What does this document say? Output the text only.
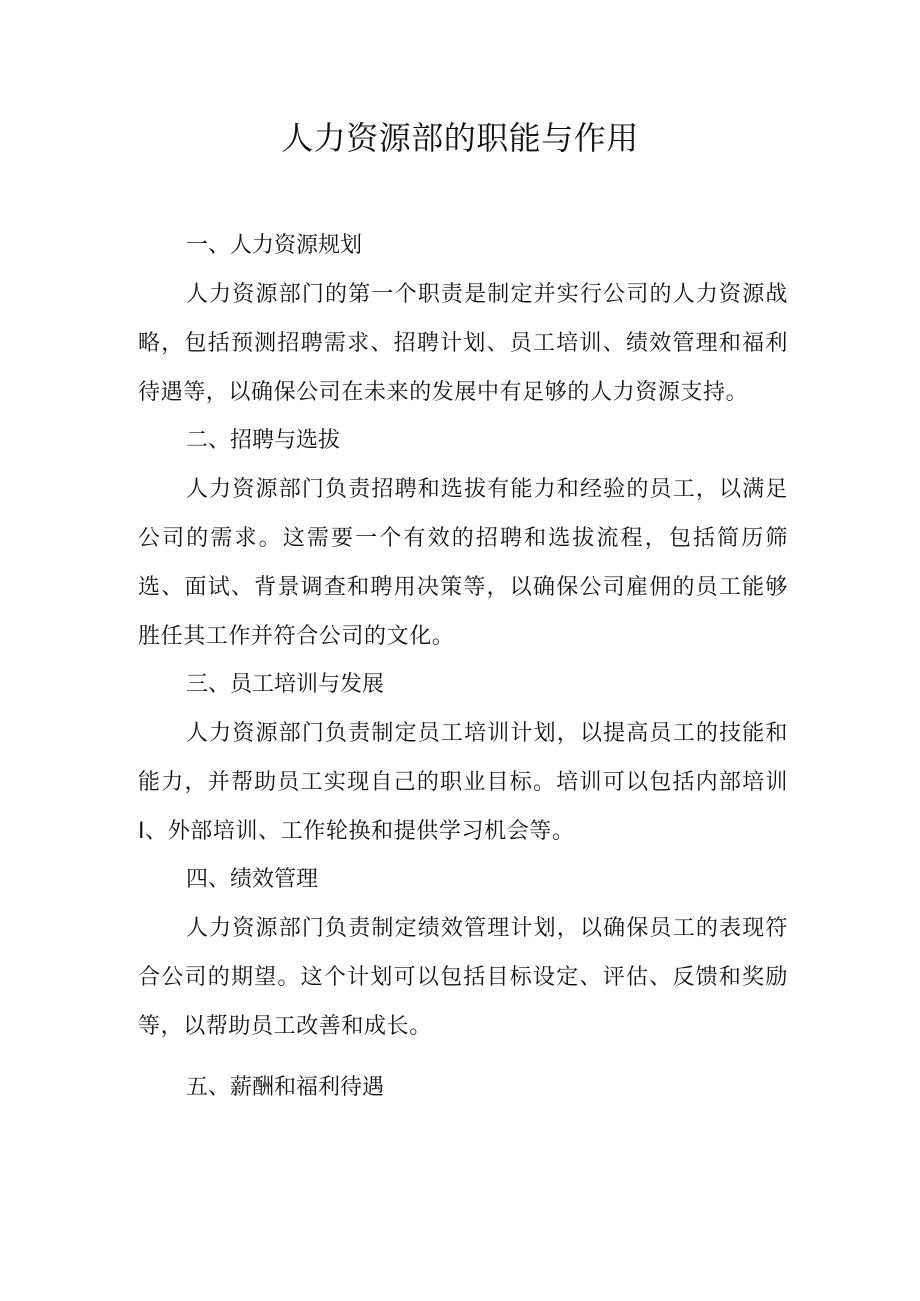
人力资源部的职能与作用
一、人力资源规划

人力资源部门的第一个职责是制定并实行公司的人力资源战略，包括预测招聘需求、招聘计划、员工培训、绩效管理和福利待遇等，以确保公司在未来的发展中有足够的人力资源支持。

二、招聘与选拔

人力资源部门负责招聘和选拔有能力和经验的员工，以满足公司的需求。这需要一个有效的招聘和选拔流程，包括简历筛选、面试、背景调查和聘用决策等，以确保公司雇佣的员工能够胜任其工作并符合公司的文化。

三、员工培训与发展

人力资源部门负责制定员工培训计划，以提高员工的技能和能力，并帮助员工实现自己的职业目标。培训可以包括内部培训I、外部培训、工作轮换和提供学习机会等。

四、绩效管理

人力资源部门负责制定绩效管理计划，以确保员工的表现符合公司的期望。这个计划可以包括目标设定、评估、反馈和奖励等，以帮助员工改善和成长。

五、薪酬和福利待遇
